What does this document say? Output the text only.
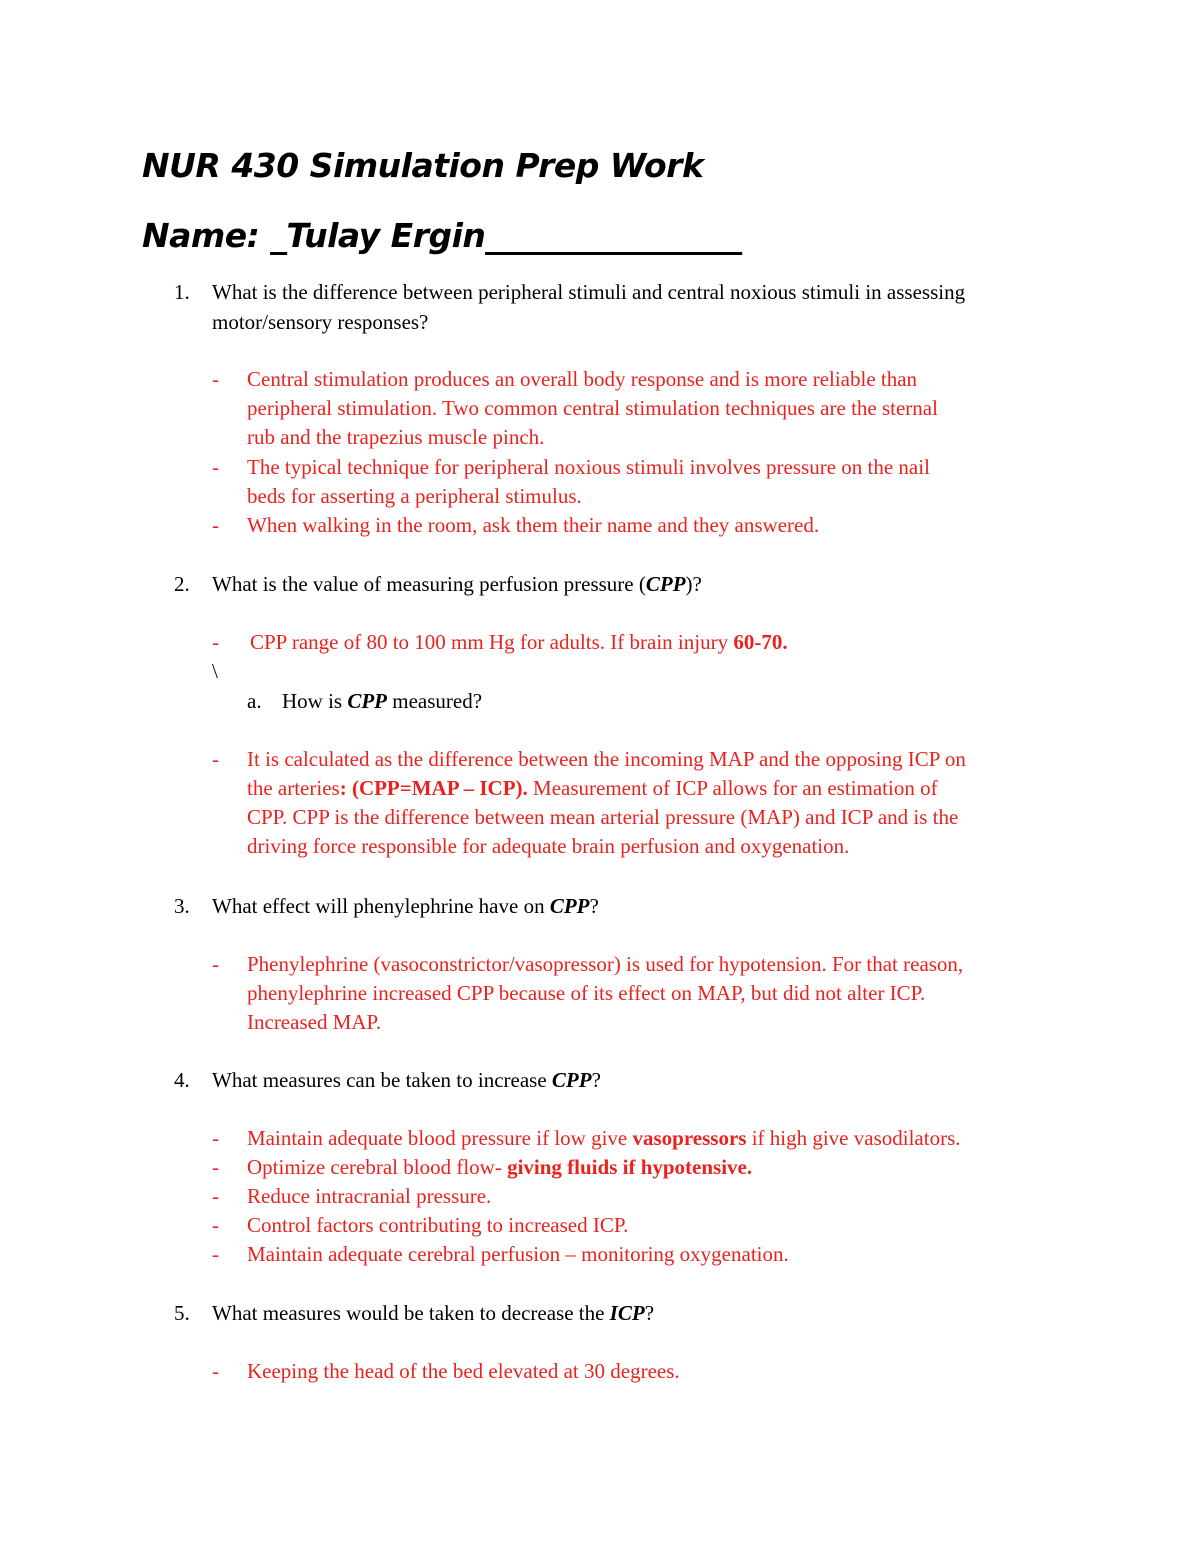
NUR 430 Simulation Prep Work
Name: _Tulay Ergin________________
1. What is the difference between peripheral stimuli and central noxious stimuli in assessing
motor/sensory responses?
- Central stimulation produces an overall body response and is more reliable than
peripheral stimulation. Two common central stimulation techniques are the sternal
rub and the trapezius muscle pinch.
- The typical technique for peripheral noxious stimuli involves pressure on the nail
beds for asserting a peripheral stimulus.
- When walking in the room, ask them their name and they answered.
2. What is the value of measuring perfusion pressure (CPP)?
- CPP range of 80 to 100 mm Hg for adults. If brain injury 60-70.
\
a. How is CPP measured?
- It is calculated as the difference between the incoming MAP and the opposing ICP on
the arteries: (CPP=MAP – ICP). Measurement of ICP allows for an estimation of
CPP. CPP is the difference between mean arterial pressure (MAP) and ICP and is the
driving force responsible for adequate brain perfusion and oxygenation.
3. What effect will phenylephrine have on CPP?
- Phenylephrine (vasoconstrictor/vasopressor) is used for hypotension. For that reason,
phenylephrine increased CPP because of its effect on MAP, but did not alter ICP.
Increased MAP.
4. What measures can be taken to increase CPP?
- Maintain adequate blood pressure if low give vasopressors if high give vasodilators.
- Optimize cerebral blood flow- giving fluids if hypotensive.
- Reduce intracranial pressure.
- Control factors contributing to increased ICP.
- Maintain adequate cerebral perfusion – monitoring oxygenation.
5. What measures would be taken to decrease the ICP?
- Keeping the head of the bed elevated at 30 degrees.
